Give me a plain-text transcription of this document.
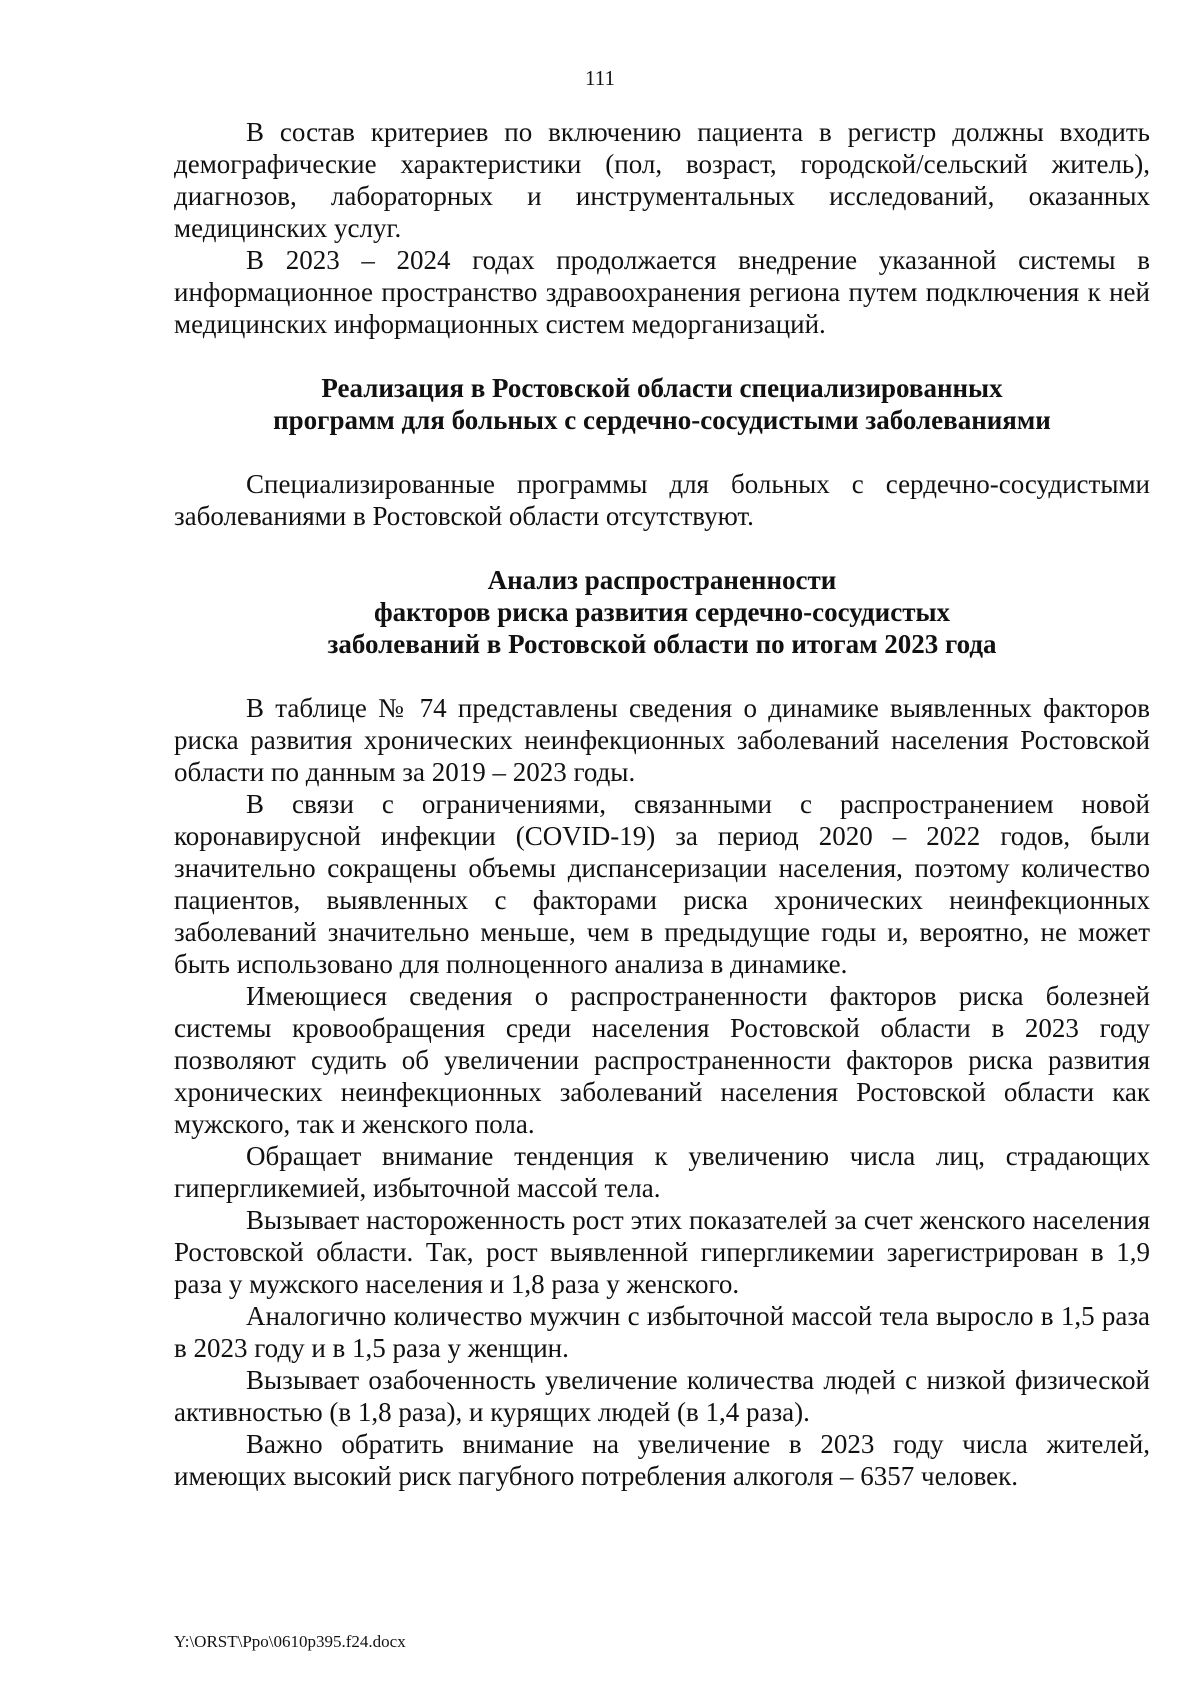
111

В состав критериев по включению пациента в регистр должны входить демографические характеристики (пол, возраст, городской/сельский житель), диагнозов, лабораторных и инструментальных исследований, оказанных медицинских услуг.

В 2023 – 2024 годах продолжается внедрение указанной системы в информационное пространство здравоохранения региона путем подключения к ней медицинских информационных систем медорганизаций.

Реализация в Ростовской области специализированных
программ для больных с сердечно-сосудистыми заболеваниями

Специализированные программы для больных с сердечно-сосудистыми заболеваниями в Ростовской области отсутствуют.

Анализ распространенности
факторов риска развития сердечно-сосудистых
заболеваний в Ростовской области по итогам 2023 года

В таблице № 74 представлены сведения о динамике выявленных факторов риска развития хронических неинфекционных заболеваний населения Ростовской области по данным за 2019 – 2023 годы.

В связи с ограничениями, связанными с распространением новой коронавирусной инфекции (COVID-19) за период 2020 – 2022 годов, были значительно сокращены объемы диспансеризации населения, поэтому количество пациентов, выявленных с факторами риска хронических неинфекционных заболеваний значительно меньше, чем в предыдущие годы и, вероятно, не может быть использовано для полноценного анализа в динамике.

Имеющиеся сведения о распространенности факторов риска болезней системы кровообращения среди населения Ростовской области в 2023 году позволяют судить об увеличении распространенности факторов риска развития хронических неинфекционных заболеваний населения Ростовской области как мужского, так и женского пола.

Обращает внимание тенденция к увеличению числа лиц, страдающих гипергликемией, избыточной массой тела.

Вызывает настороженность рост этих показателей за счет женского населения Ростовской области. Так, рост выявленной гипергликемии зарегистрирован в 1,9 раза у мужского населения и 1,8 раза у женского.

Аналогично количество мужчин с избыточной массой тела выросло в 1,5 раза в 2023 году и в 1,5 раза у женщин.

Вызывает озабоченность увеличение количества людей с низкой физической активностью (в 1,8 раза), и курящих людей (в 1,4 раза).

Важно обратить внимание на увеличение в 2023 году числа жителей, имеющих высокий риск пагубного потребления алкоголя – 6357 человек.

Y:\ORST\Ppo\0610p395.f24.docx
